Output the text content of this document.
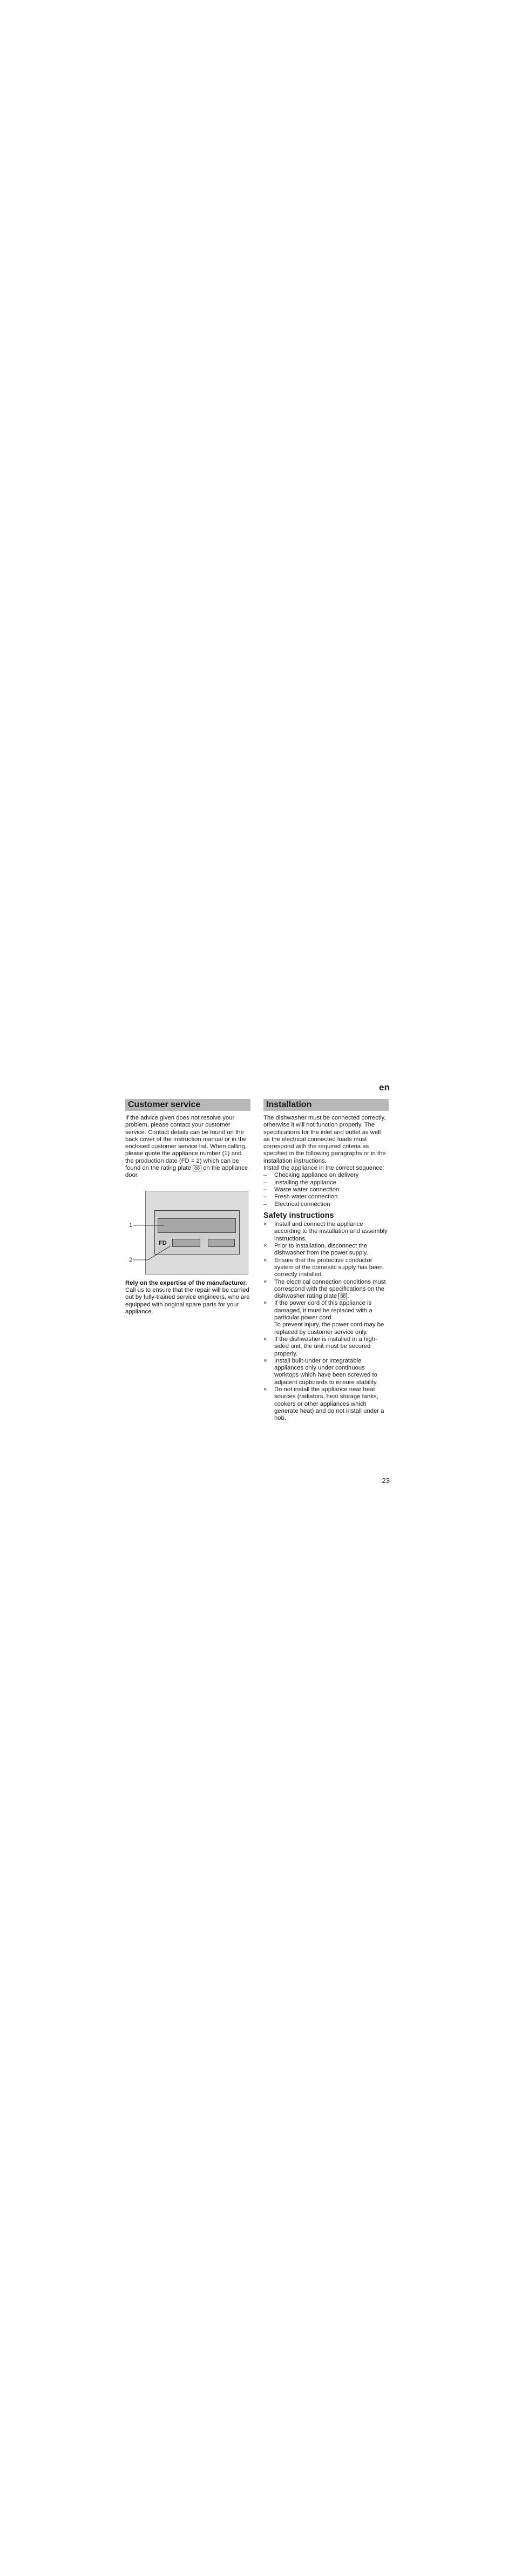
en
Customer service

If the advice given does not resolve your problem, please contact your customer service. Contact details can be found on the back cover of the instruction manual or in the enclosed customer service list. When calling, please quote the appliance number (1) and the production date (FD = 2) which can be found on the rating plate 88 on the appliance door.

FD
1
2

Rely on the expertise of the manufacturer. Call us to ensure that the repair will be carried out by fully-trained service engineers, who are equipped with original spare parts for your appliance.

Installation

The dishwasher must be connected correctly, otherwise it will not function properly. The specifications for the inlet and outlet as well as the electrical connected loads must correspond with the required criteria as specified in the following paragraphs or in the installation instructions.

Install the appliance in the correct sequence:

– Checking appliance on delivery
– Installing the appliance
– Waste water connection
– Fresh water connection
– Electrical connection
Safety instructions
× Install and connect the appliance according to the installation and assembly instructions.
× Prior to installation, disconnect the dishwasher from the power supply.
× Ensure that the protective conductor system of the domestic supply has been correctly installed.
× The electrical connection conditions must correspond with the specifications on the dishwasher rating plate 88 .
× If the power cord of this appliance is damaged, it must be replaced with a particular power cord.
To prevent injury, the power cord may be replaced by customer service only.
× If the dishwasher is installed in a high-sided unit, the unit must be secured properly.
× Install built-under or integratable appliances only under continuous worktops which have been screwed to adjacent cupboards to ensure stability.
× Do not install the appliance near heat sources (radiators, heat storage tanks, cookers or other appliances which generate heat) and do not install under a hob.
23
